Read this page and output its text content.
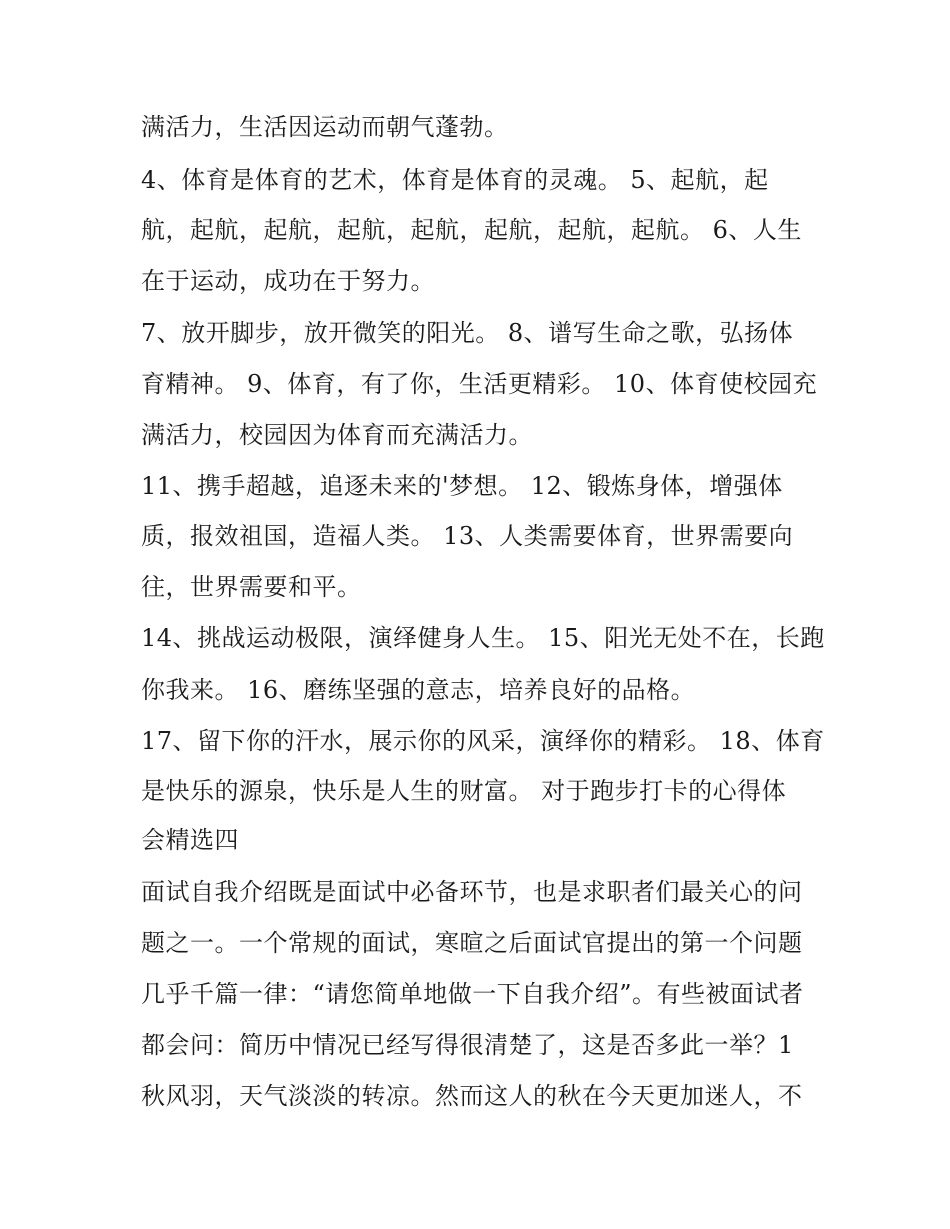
满活力，生活因运动而朝气蓬勃。
4、体育是体育的艺术，体育是体育的灵魂。 5、起航，起
航，起航，起航，起航，起航，起航，起航，起航。 6、人生
在于运动，成功在于努力。
7、放开脚步，放开微笑的阳光。 8、谱写生命之歌，弘扬体
育精神。 9、体育，有了你，生活更精彩。 10、体育使校园充
满活力，校园因为体育而充满活力。
11、携手超越，追逐未来的'梦想。 12、锻炼身体，增强体
质，报效祖国，造福人类。 13、人类需要体育，世界需要向
往，世界需要和平。
14、挑战运动极限，演绎健身人生。 15、阳光无处不在，长跑
你我来。 16、磨练坚强的意志，培养良好的品格。
17、留下你的汗水，展示你的风采，演绎你的精彩。 18、体育
是快乐的源泉，快乐是人生的财富。 对于跑步打卡的心得体
会精选四
面试自我介绍既是面试中必备环节，也是求职者们最关心的问
题之一。一个常规的面试，寒暄之后面试官提出的第一个问题
几乎千篇一律：“请您简单地做一下自我介绍”。有些被面试者
都会问：简历中情况已经写得很清楚了，这是否多此一举？1
秋风羽，天气淡淡的转凉。然而这人的秋在今天更加迷人，不
